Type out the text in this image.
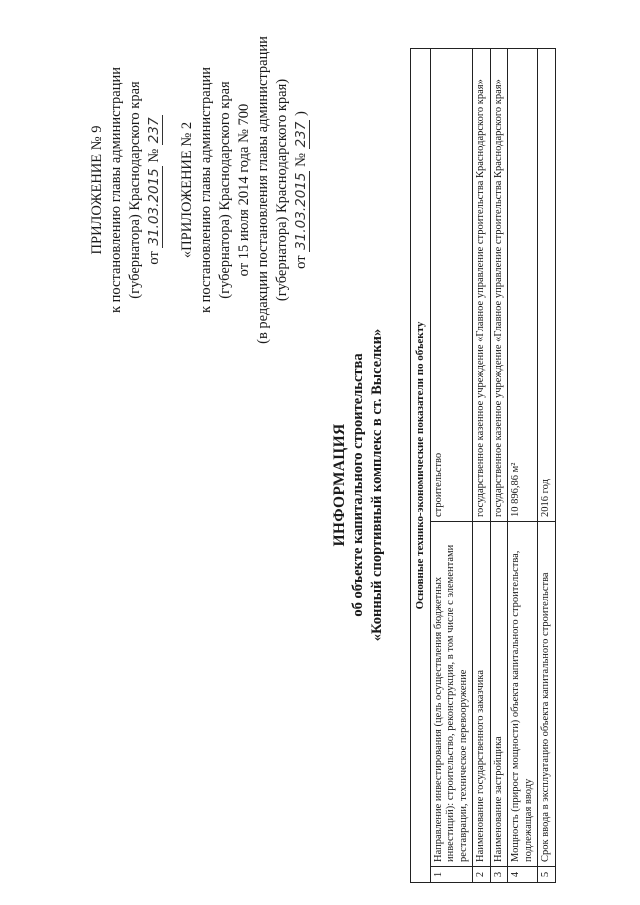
ПРИЛОЖЕНИЕ № 9 к постановлению главы администрации (губернатора) Краснодарского края от 31.03.2015 № 237 «ПРИЛОЖЕНИЕ № 2 к постановлению главы администрации (губернатора) Краснодарского края от 15 июля 2014 года № 700 (в редакции постановления главы администрации (губернатора) Краснодарского края) от 31.03.2015 № 237 )
ИНФОРМАЦИЯ об объекте капитального строительства «Конный спортивный комплекс в ст. Выселки»	Основные технико-экономические показатели по объекту		
1	Направление инвестирования (цель осуществления бюджетных инвестиций): строительство, реконструкция, в том числе с элементами реставрации, техническое перевооружение	строительство
2	Наименование государственного заказчика	государственное казенное учреждение «Главное управление строительства Краснодарского края»
3	Наименование застройщика	государственное казенное учреждение «Главное управление строительства Краснодарского края»
4	Мощность (прирост мощности) объекта капитального строительства, подлежащая вводу	10 896,86 м²
5	Срок ввода в эксплуатацию объекта капитального строительства	2016 год
